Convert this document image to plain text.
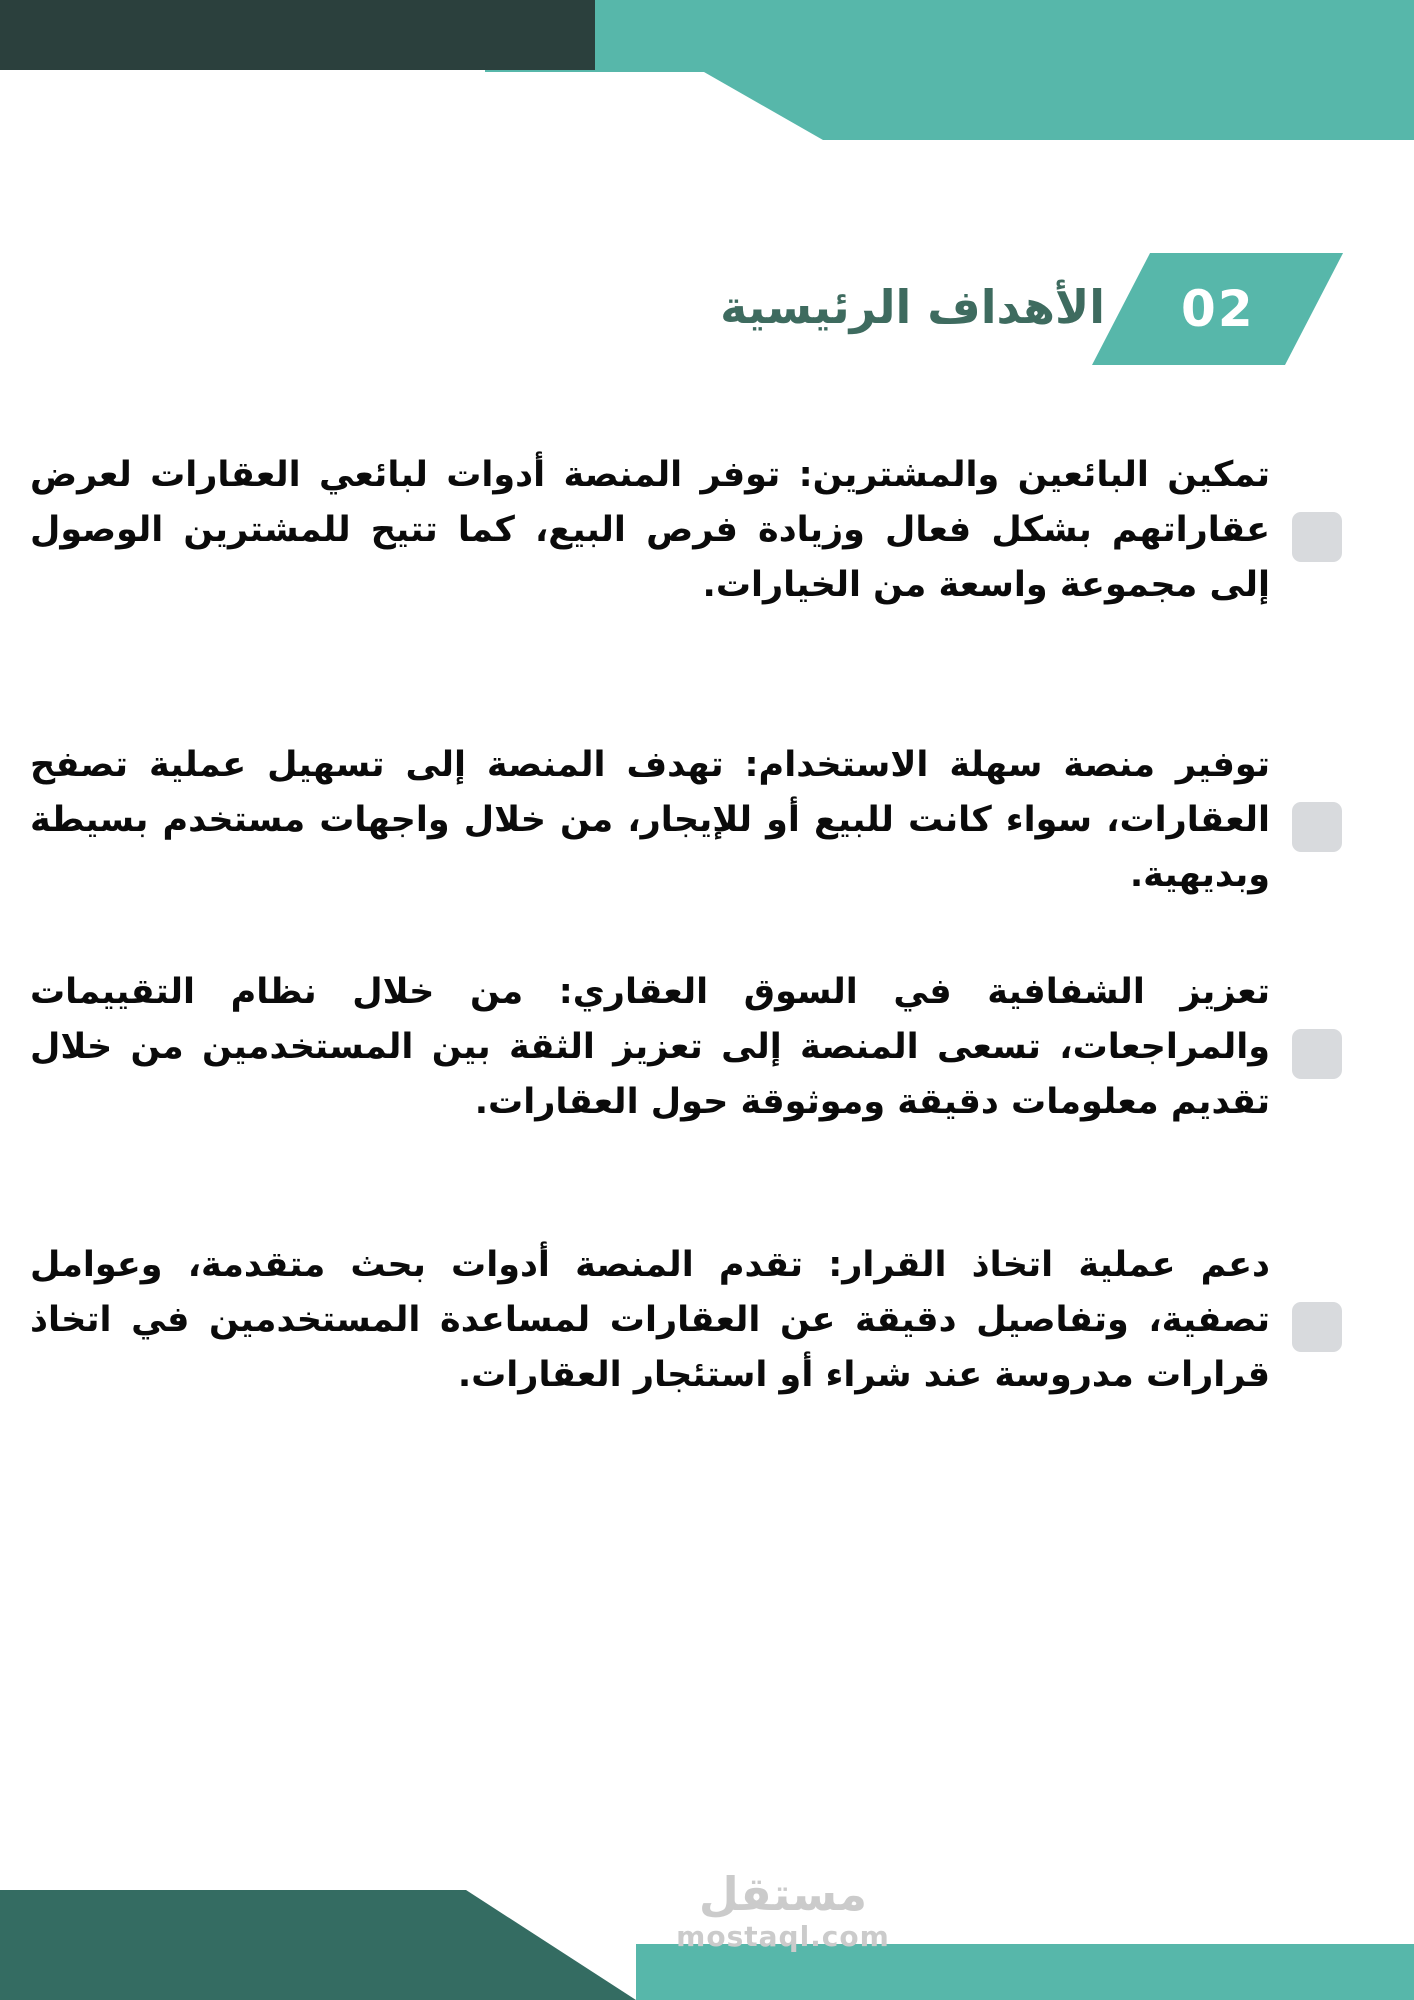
الأهداف الرئيسية 02

تمكين البائعين والمشترين: توفر المنصة أدوات لبائعي العقارات لعرض عقاراتهم بشكل فعال وزيادة فرص البيع، كما تتيح للمشترين الوصول إلى مجموعة واسعة من الخيارات.

توفير منصة سهلة الاستخدام: تهدف المنصة إلى تسهيل عملية تصفح العقارات، سواء كانت للبيع أو للإيجار، من خلال واجهات مستخدم بسيطة وبديهية.

تعزيز الشفافية في السوق العقاري: من خلال نظام التقييمات والمراجعات، تسعى المنصة إلى تعزيز الثقة بين المستخدمين من خلال تقديم معلومات دقيقة وموثوقة حول العقارات.

دعم عملية اتخاذ القرار: تقدم المنصة أدوات بحث متقدمة، وعوامل تصفية، وتفاصيل دقيقة عن العقارات لمساعدة المستخدمين في اتخاذ قرارات مدروسة عند شراء أو استئجار العقارات.

مستقل
mostaql.com
